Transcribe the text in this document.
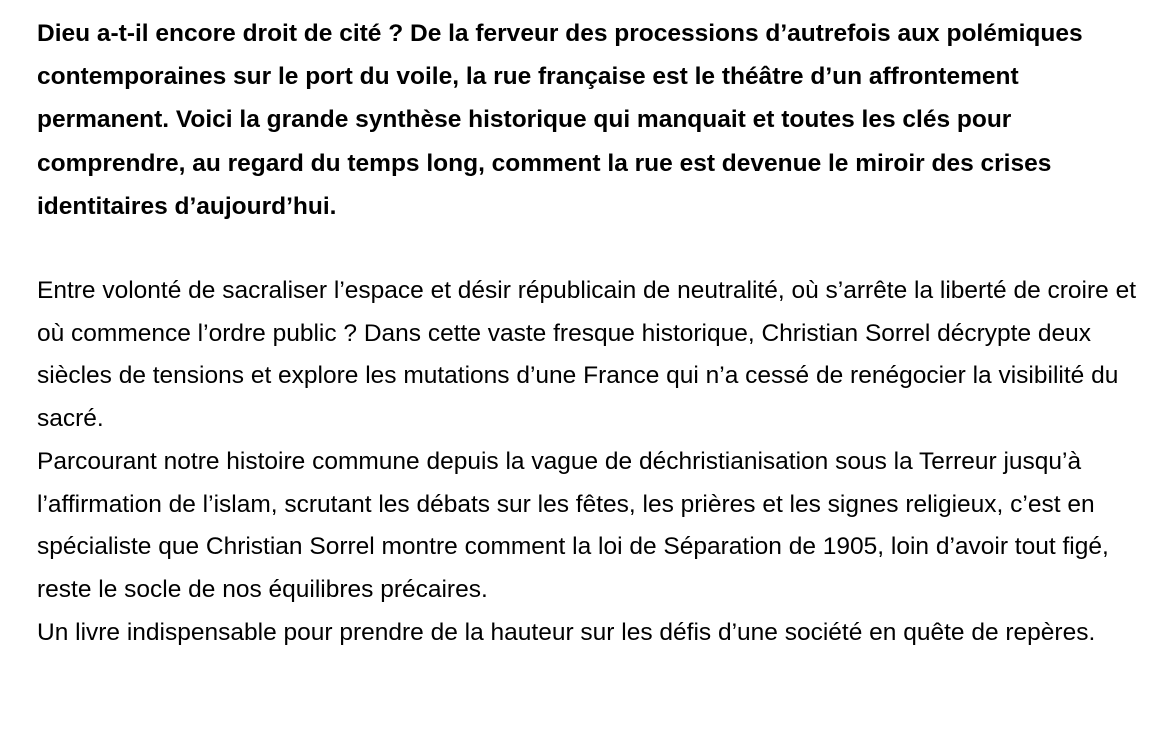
Dieu a-t-il encore droit de cité ? De la ferveur des processions d’autrefois aux polémiques contemporaines sur le port du voile, la rue française est le théâtre d’un affrontement permanent. Voici la grande synthèse historique qui manquait et toutes les clés pour comprendre, au regard du temps long, comment la rue est devenue le miroir des crises identitaires d’aujourd’hui.

Entre volonté de sacraliser l’espace et désir républicain de neutralité, où s’arrête la liberté de croire et où commence l’ordre public ? Dans cette vaste fresque historique, Christian Sorrel décrypte deux siècles de tensions et explore les mutations d’une France qui n’a cessé de renégocier la visibilité du sacré.

Parcourant notre histoire commune depuis la vague de déchristianisation sous la Terreur jusqu’à l’affirmation de l’islam, scrutant les débats sur les fêtes, les prières et les signes religieux, c’est en spécialiste que Christian Sorrel montre comment la loi de Séparation de 1905, loin d’avoir tout figé, reste le socle de nos équilibres précaires.

Un livre indispensable pour prendre de la hauteur sur les défis d’une société en quête de repères.
